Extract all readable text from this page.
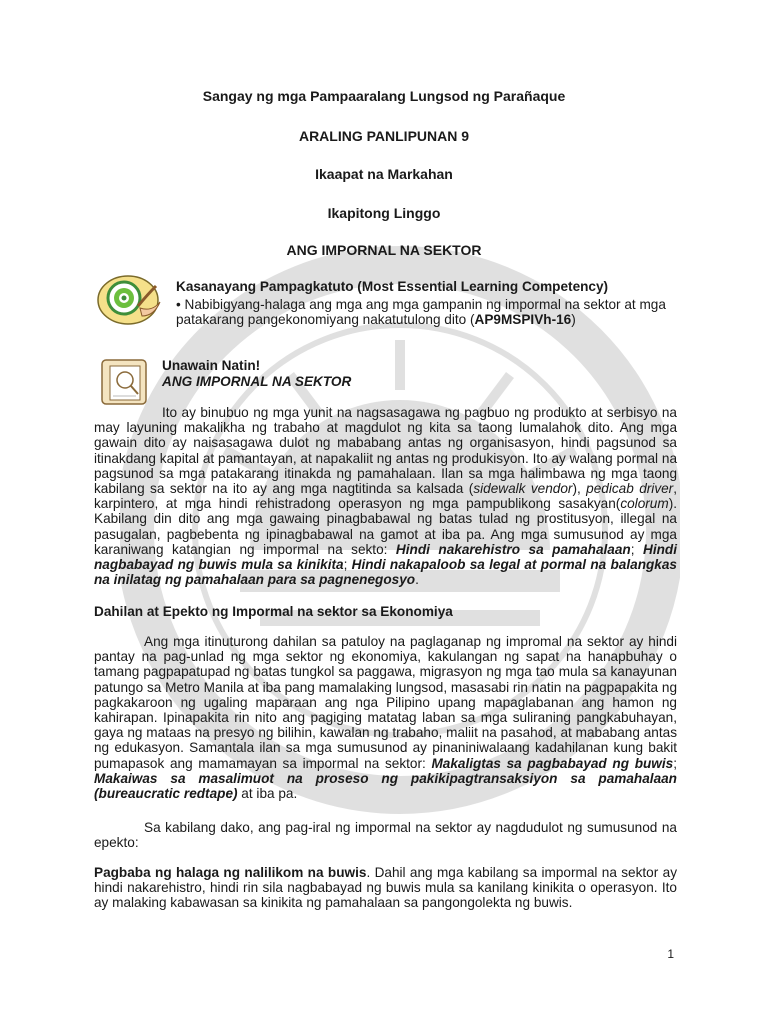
Sangay ng mga Pampaaralang Lungsod ng Parañaque
ARALING PANLIPUNAN 9
Ikaapat na Markahan
Ikapitong Linggo
ANG IMPORNAL NA SEKTOR
Kasanayang Pampagkatuto (Most Essential Learning Competency)
• Nabibigyang-halaga ang mga ang mga gampanin ng impormal na sektor at mga patakarang pangekonomiyang nakatutulong dito (AP9MSPIVh-16)
Unawain Natin!
ANG IMPORNAL NA SEKTOR

Ito ay binubuo ng mga yunit na nagsasagawa ng pagbuo ng produkto at serbisyo na may layuning makalikha ng trabaho at magdulot ng kita sa taong lumalahok dito. Ang mga gawain dito ay naisasagawa dulot ng mababang antas ng organisasyon, hindi pagsunod sa itinakdang kapital at pamantayan, at napakaliit ng antas ng produkisyon. Ito ay walang pormal na pagsunod sa mga patakarang itinakda ng pamahalaan. Ilan sa mga halimbawa ng mga taong kabilang sa sektor na ito ay ang mga nagtitinda sa kalsada (sidewalk vendor), pedicab driver, karpintero, at mga hindi rehistradong operasyon ng mga pampublikong sasakyan(colorum). Kabilang din dito ang mga gawaing pinagbabawal ng batas tulad ng prostitusyon, illegal na pasugalan, pagbebenta ng ipinagbabawal na gamot at iba pa. Ang mga sumusunod ay mga karaniwang katangian ng impormal na sekto: Hindi nakarehistro sa pamahalaan; Hindi nagbabayad ng buwis mula sa kinikita; Hindi nakapaloob sa legal at pormal na balangkas na inilatag ng pamahalaan para sa pagnenegosyo.

Dahilan at Epekto ng Impormal na sektor sa Ekonomiya

Ang mga itinuturong dahilan sa patuloy na paglaganap ng impromal na sektor ay hindi pantay na pag-unlad ng mga sektor ng ekonomiya, kakulangan ng sapat na hanapbuhay o tamang pagpapatupad ng batas tungkol sa paggawa, migrasyon ng mga tao mula sa kanayunan patungo sa Metro Manila at iba pang mamalaking lungsod, masasabi rin natin na pagpapakita ng pagkakaroon ng ugaling maparaan ang nga Pilipino upang mapaglabanan ang hamon ng kahirapan. Ipinapakita rin nito ang pagiging matatag laban sa mga suliraning pangkabuhayan, gaya ng mataas na presyo ng bilihin, kawalan ng trabaho, maliit na pasahod, at mababang antas ng edukasyon. Samantala ilan sa mga sumusunod ay pinaniniwalaang kadahilanan kung bakit pumapasok ang mamamayan sa impormal na sektor: Makaligtas sa pagbabayad ng buwis; Makaiwas sa masalimuot na proseso ng pakikipagtransaksiyon sa pamahalaan (bureaucratic redtape) at iba pa.

Sa kabilang dako, ang pag-iral ng impormal na sektor ay nagdudulot ng sumusunod na epekto:

Pagbaba ng halaga ng nalilikom na buwis. Dahil ang mga kabilang sa impormal na sektor ay hindi nakarehistro, hindi rin sila nagbabayad ng buwis mula sa kanilang kinikita o operasyon. Ito ay malaking kabawasan sa kinikita ng pamahalaan sa pangongolekta ng buwis.

1
